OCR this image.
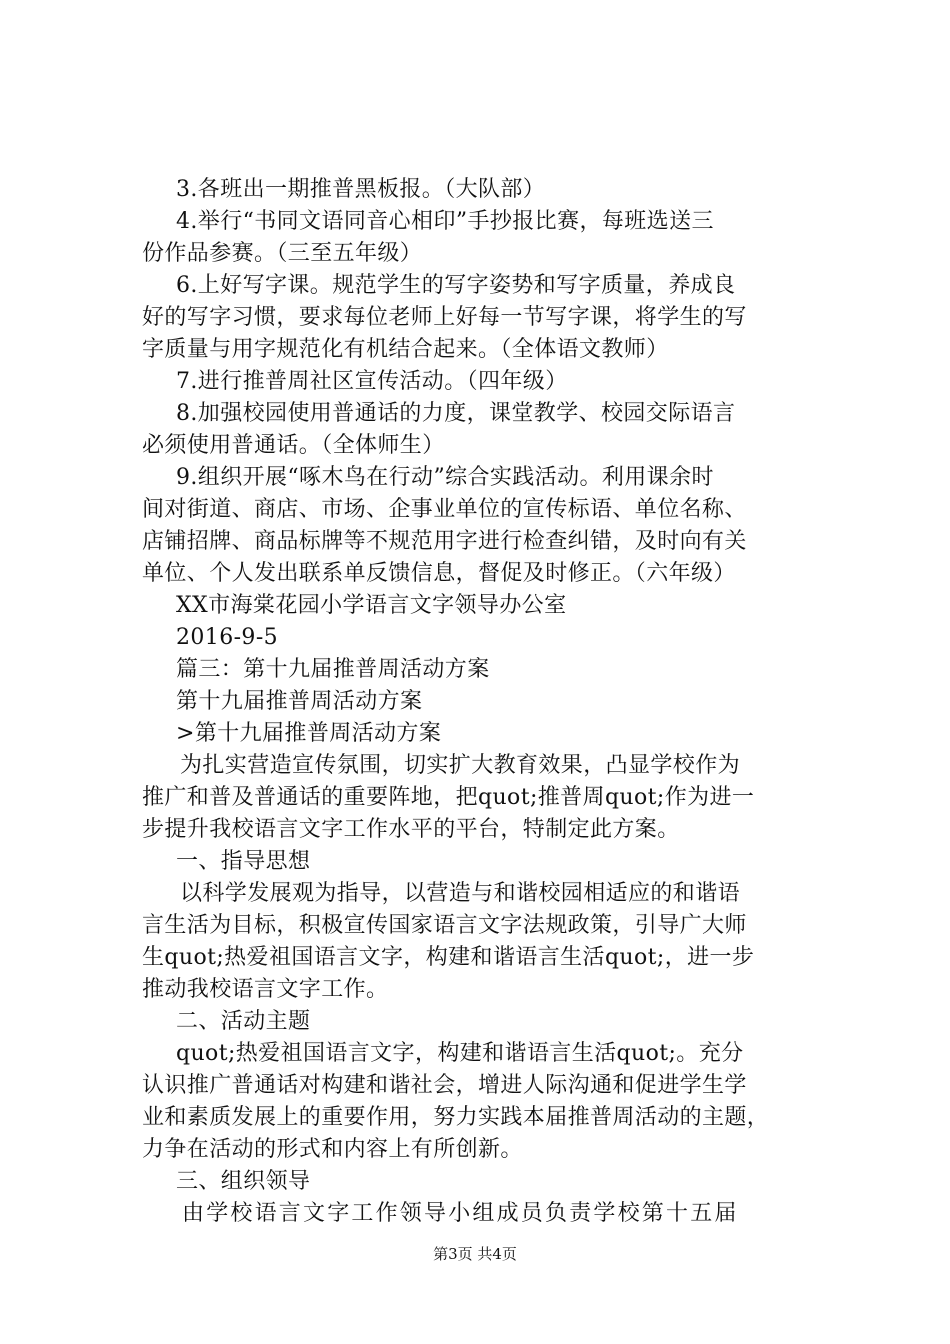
3.各班出一期推普黑板报。（大队部）
4.举行“书同文语同音心相印”手抄报比赛，每班选送三
份作品参赛。（三至五年级）
6.上好写字课。规范学生的写字姿势和写字质量，养成良
好的写字习惯，要求每位老师上好每一节写字课，将学生的写
字质量与用字规范化有机结合起来。（全体语文教师）
7.进行推普周社区宣传活动。（四年级）
8.加强校园使用普通话的力度，课堂教学、校园交际语言
必须使用普通话。（全体师生）
9.组织开展“啄木鸟在行动”综合实践活动。利用课余时
间对街道、商店、市场、企事业单位的宣传标语、单位名称、
店铺招牌、商品标牌等不规范用字进行检查纠错，及时向有关
单位、个人发出联系单反馈信息，督促及时修正。（六年级）
XX市海棠花园小学语言文字领导办公室
2016-9-5
篇三：第十九届推普周活动方案
第十九届推普周活动方案
>第十九届推普周活动方案
为扎实营造宣传氛围，切实扩大教育效果，凸显学校作为
推广和普及普通话的重要阵地，把quot;推普周quot;作为进一
步提升我校语言文字工作水平的平台，特制定此方案。
一、指导思想
以科学发展观为指导，以营造与和谐校园相适应的和谐语
言生活为目标，积极宣传国家语言文字法规政策，引导广大师
生quot;热爱祖国语言文字，构建和谐语言生活quot;，进一步
推动我校语言文字工作。
二、活动主题
quot;热爱祖国语言文字，构建和谐语言生活quot;。充分
认识推广普通话对构建和谐社会，增进人际沟通和促进学生学
业和素质发展上的重要作用，努力实践本届推普周活动的主题，
力争在活动的形式和内容上有所创新。
三、组织领导
由学校语言文字工作领导小组成员负责学校第十五届
第3页 共4页
